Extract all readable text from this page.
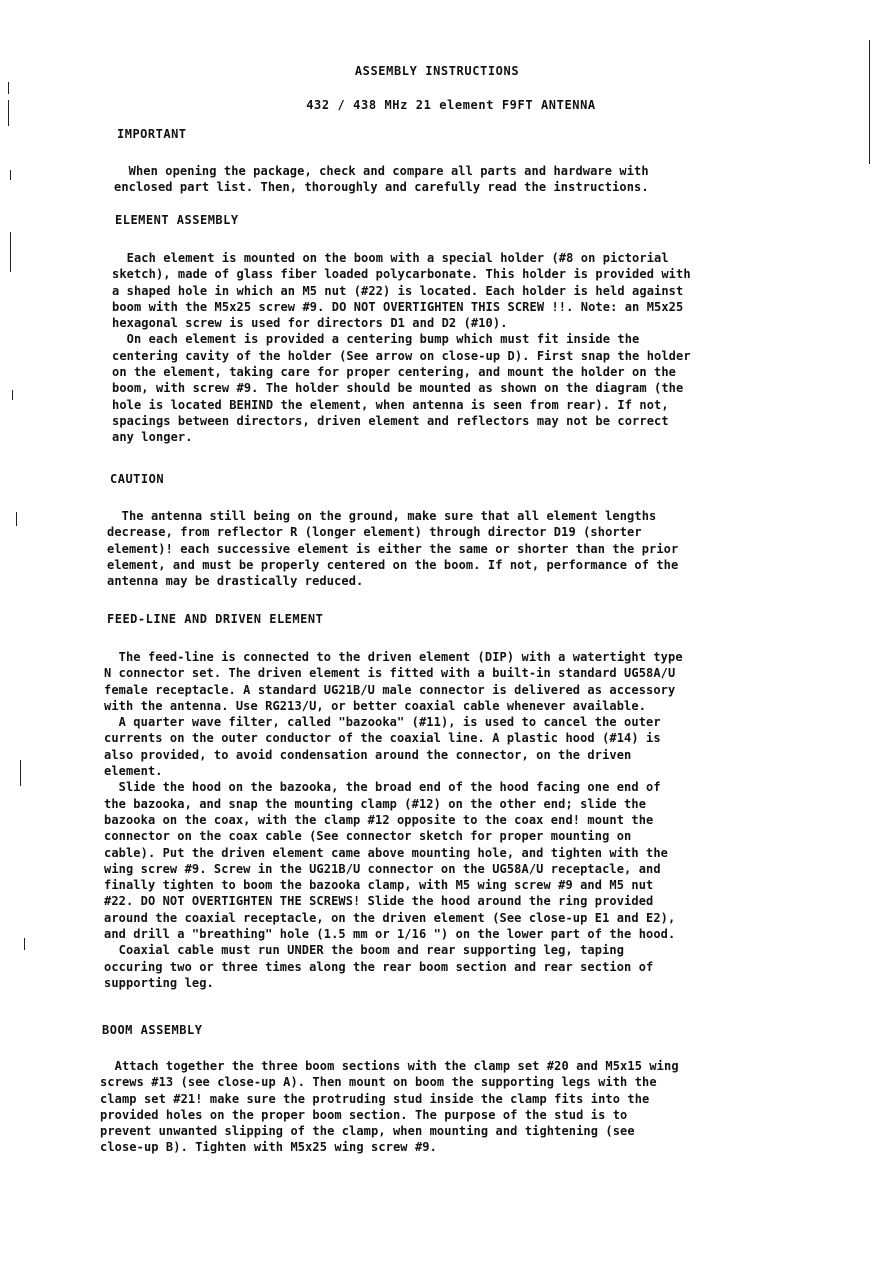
ASSEMBLY INSTRUCTIONS
432 / 438 MHz 21 element F9FT ANTENNA
IMPORTANT
When opening the package, check and compare all parts and hardware with
enclosed part list. Then, thoroughly and carefully read the instructions.
ELEMENT ASSEMBLY
Each element is mounted on the boom with a special holder (#8 on pictorial
sketch), made of glass fiber loaded polycarbonate. This holder is provided with
a shaped hole in which an M5 nut (#22) is located. Each holder is held against
boom with the M5x25 screw #9. DO NOT OVERTIGHTEN THIS SCREW !!. Note: an M5x25
hexagonal screw is used for directors D1 and D2 (#10).
On each element is provided a centering bump which must fit inside the
centering cavity of the holder (See arrow on close-up D). First snap the holder
on the element, taking care for proper centering, and mount the holder on the
boom, with screw #9. The holder should be mounted as shown on the diagram (the
hole is located BEHIND the element, when antenna is seen from rear). If not,
spacings between directors, driven element and reflectors may not be correct
any longer.
CAUTION
The antenna still being on the ground, make sure that all element lengths
decrease, from reflector R (longer element) through director D19 (shorter
element)! each successive element is either the same or shorter than the prior
element, and must be properly centered on the boom. If not, performance of the
antenna may be drastically reduced.
FEED-LINE AND DRIVEN ELEMENT
The feed-line is connected to the driven element (DIP) with a watertight type
N connector set. The driven element is fitted with a built-in standard UG58A/U
female receptacle. A standard UG21B/U male connector is delivered as accessory
with the antenna. Use RG213/U, or better coaxial cable whenever available.
A quarter wave filter, called "bazooka" (#11), is used to cancel the outer
currents on the outer conductor of the coaxial line. A plastic hood (#14) is
also provided, to avoid condensation around the connector, on the driven
element.
Slide the hood on the bazooka, the broad end of the hood facing one end of
the bazooka, and snap the mounting clamp (#12) on the other end; slide the
bazooka on the coax, with the clamp #12 opposite to the coax end! mount the
connector on the coax cable (See connector sketch for proper mounting on
cable). Put the driven element came above mounting hole, and tighten with the
wing screw #9. Screw in the UG21B/U connector on the UG58A/U receptacle, and
finally tighten to boom the bazooka clamp, with M5 wing screw #9 and M5 nut
#22. DO NOT OVERTIGHTEN THE SCREWS! Slide the hood around the ring provided
around the coaxial receptacle, on the driven element (See close-up E1 and E2),
and drill a "breathing" hole (1.5 mm or 1/16 ") on the lower part of the hood.
Coaxial cable must run UNDER the boom and rear supporting leg, taping
occuring two or three times along the rear boom section and rear section of
supporting leg.
BOOM ASSEMBLY
Attach together the three boom sections with the clamp set #20 and M5x15 wing
screws #13 (see close-up A). Then mount on boom the supporting legs with the
clamp set #21! make sure the protruding stud inside the clamp fits into the
provided holes on the proper boom section. The purpose of the stud is to
prevent unwanted slipping of the clamp, when mounting and tightening (see
close-up B). Tighten with M5x25 wing screw #9.
